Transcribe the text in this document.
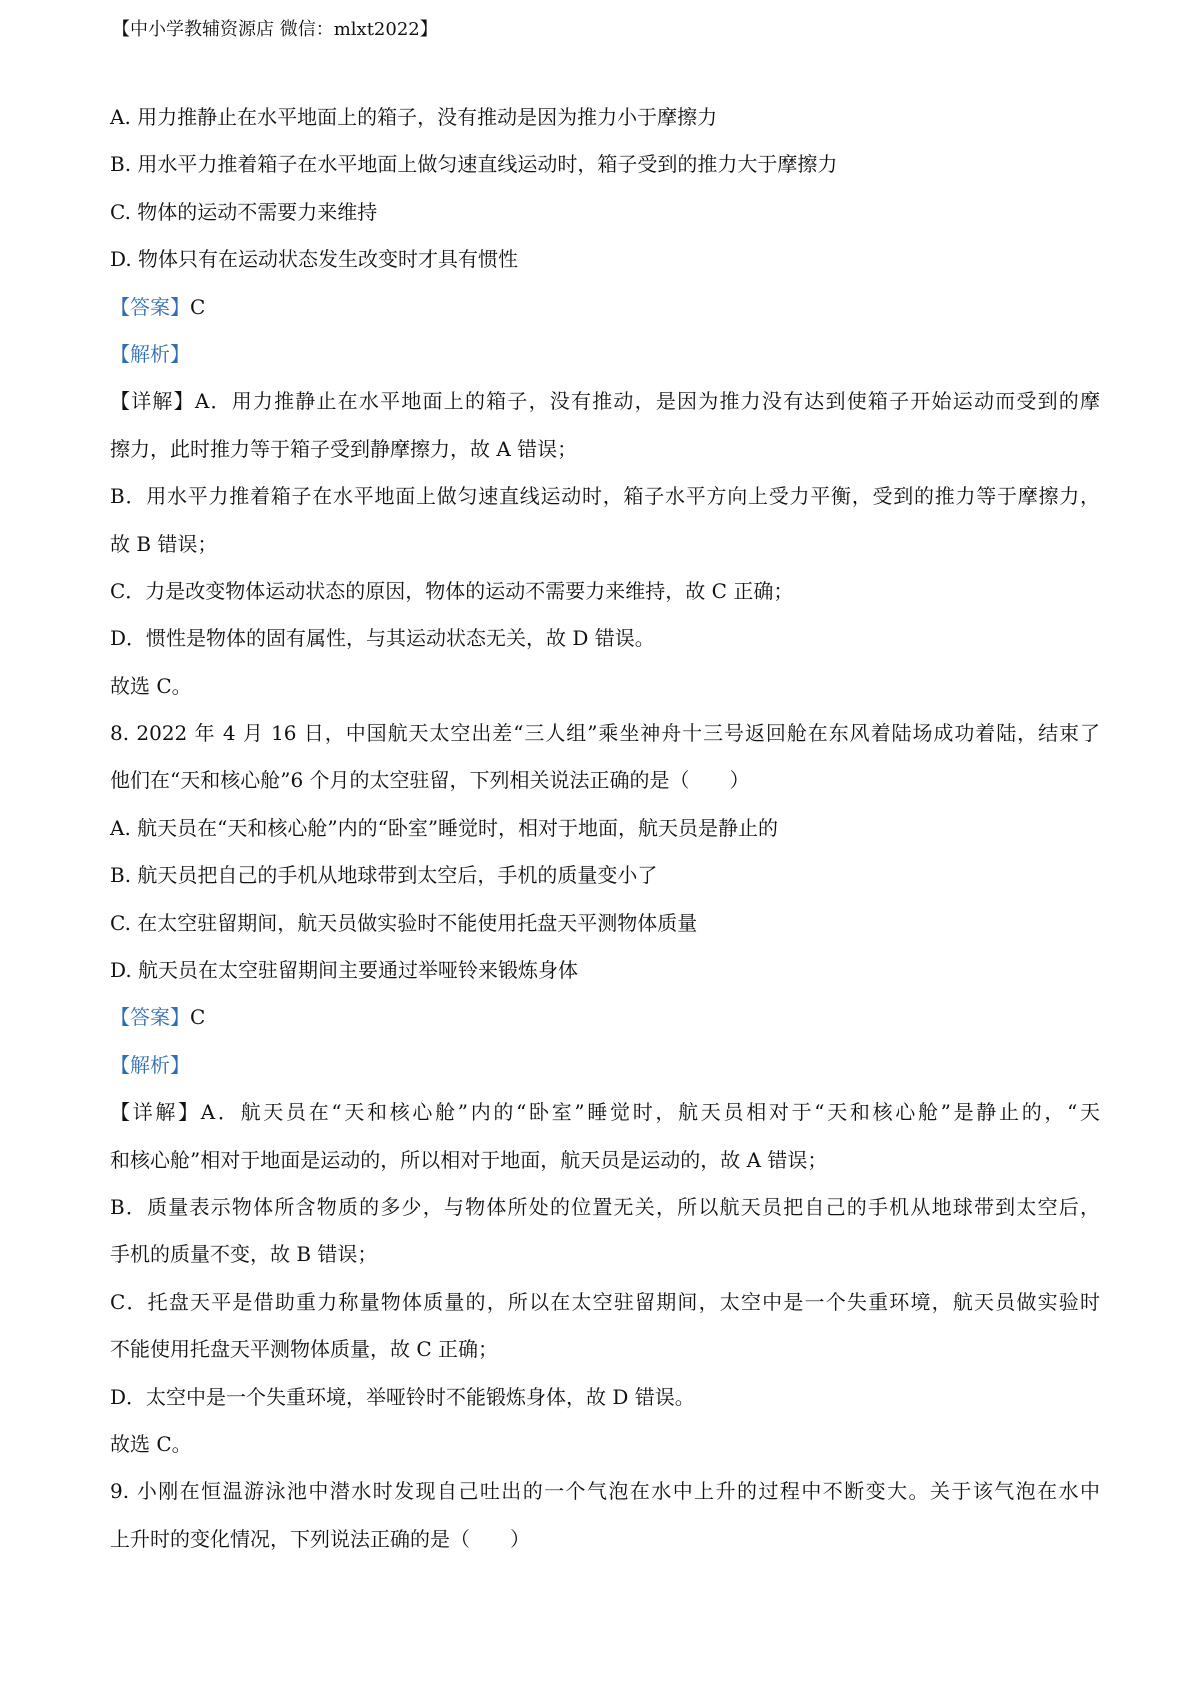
【中小学教辅资源店 微信：mlxt2022】
A. 用力推静止在水平地面上的箱子，没有推动是因为推力小于摩擦力
B. 用水平力推着箱子在水平地面上做匀速直线运动时，箱子受到的推力大于摩擦力
C. 物体的运动不需要力来维持
D. 物体只有在运动状态发生改变时才具有惯性
【答案】C
【解析】
【详解】A．用力推静止在水平地面上的箱子，没有推动，是因为推力没有达到使箱子开始运动而受到的摩
擦力，此时推力等于箱子受到静摩擦力，故 A 错误；
B．用水平力推着箱子在水平地面上做匀速直线运动时，箱子水平方向上受力平衡，受到的推力等于摩擦力，
故 B 错误；
C．力是改变物体运动状态的原因，物体的运动不需要力来维持，故 C 正确；
D．惯性是物体的固有属性，与其运动状态无关，故 D 错误。
故选 C。
8. 2022 年 4 月 16 日，中国航天太空出差“三人组”乘坐神舟十三号返回舱在东风着陆场成功着陆，结束了
他们在“天和核心舱”6 个月的太空驻留，下列相关说法正确的是（　　）
A. 航天员在“天和核心舱”内的“卧室”睡觉时，相对于地面，航天员是静止的
B. 航天员把自己的手机从地球带到太空后，手机的质量变小了
C. 在太空驻留期间，航天员做实验时不能使用托盘天平测物体质量
D. 航天员在太空驻留期间主要通过举哑铃来锻炼身体
【答案】C
【解析】
【详解】A．航天员在“天和核心舱”内的“卧室”睡觉时，航天员相对于“天和核心舱”是静止的，“天
和核心舱”相对于地面是运动的，所以相对于地面，航天员是运动的，故 A 错误；
B．质量表示物体所含物质的多少，与物体所处的位置无关，所以航天员把自己的手机从地球带到太空后，
手机的质量不变，故 B 错误；
C．托盘天平是借助重力称量物体质量的，所以在太空驻留期间，太空中是一个失重环境，航天员做实验时
不能使用托盘天平测物体质量，故 C 正确；
D．太空中是一个失重环境，举哑铃时不能锻炼身体，故 D 错误。
故选 C。
9. 小刚在恒温游泳池中潜水时发现自己吐出的一个气泡在水中上升的过程中不断变大。关于该气泡在水中
上升时的变化情况，下列说法正确的是（　　）
